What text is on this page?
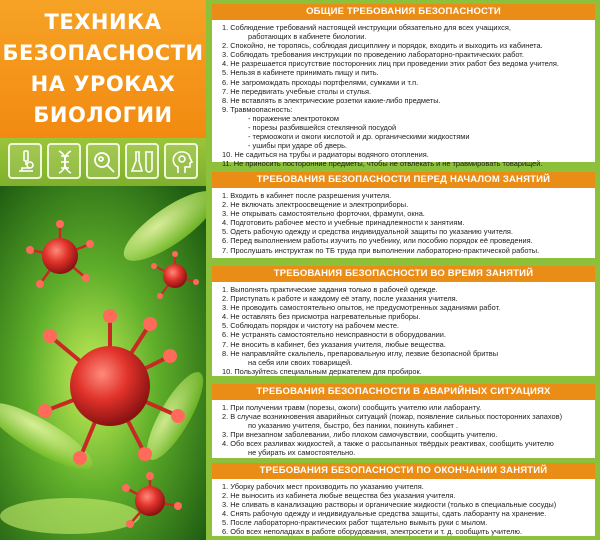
ТЕХНИКА
БЕЗОПАСНОСТИ
НА УРОКАХ
БИОЛОГИИ
ОБЩИЕ ТРЕБОВАНИЯ БЕЗОПАСНОСТИ
1. Соблюдение требований настоящей инструкции обязательно для всех учащихся,
работающих в кабинете биологии.
2. Спокойно, не торопясь, соблюдая дисциплину и порядок, входить и выходить из кабинета.
3. Соблюдать требования инструкции по проведению лабораторно-практических работ.
4. Не разрешается присутствие посторонних лиц при проведении этих работ без ведома учителя.
5. Нельзя в кабинете принимать пищу и пить.
6. Не загромождать проходы портфелями, сумками и т.п.
7. Не передвигать учебные столы и стулья.
8. Не вставлять в электрические розетки какие-либо предметы.
9. Травмоопасность:
- поражение электротоком
- порезы разбившейся стеклянной посудой
- термоожоги и ожоги кислотой и др. органическими жидкостями
- ушибы при ударе об дверь.
10. Не садиться на трубы и радиаторы водяного отопления.
11. Не приносить посторонние предметы, чтобы не отвлекать и не травмировать товарищей.
ТРЕБОВАНИЯ БЕЗОПАСНОСТИ ПЕРЕД НАЧАЛОМ ЗАНЯТИЙ
1. Входить в кабинет после разрешения учителя.
2. Не включать электроосвещение и электроприборы.
3. Не открывать самостоятельно форточки, фрамуги, окна.
4. Подготовить рабочее место и учебные принадлежности к занятиям.
5. Одеть рабочую одежду и средства индивидуальной защиты по указанию учителя.
6. Перед выполнением работы изучить по учебнику, или пособию порядок её проведения.
7. Прослушать инструктаж по ТБ труда при выполнении лабораторно-практической работы.
ТРЕБОВАНИЯ БЕЗОПАСНОСТИ ВО ВРЕМЯ ЗАНЯТИЙ
1. Выполнять практические задания только в рабочей одежде.
2. Приступать к работе и каждому её этапу, после указания учителя.
3. Не проводить самостоятельно опытов, не предусмотренных заданиями работ.
4. Не оставлять без присмотра нагревательные приборы.
5. Соблюдать порядок и чистоту на рабочем месте.
6. Не устранять самостоятельно неисправности в оборудовании.
7. Не вносить в кабинет, без указания учителя, любые вещества.
8. Не направляйте скальпель, препаровальную иглу, лезвие безопасной бритвы
на себя или своих товарищей.
10. Пользуйтесь специальным держателем для пробирок.
ТРЕБОВАНИЯ БЕЗОПАСНОСТИ В АВАРИЙНЫХ СИТУАЦИЯХ
1. При получении травм (порезы, ожоги) сообщить учителю или лаборанту.
2. В случае возникновения аварийных ситуаций (пожар, появление сильных посторонних запахов)
по указанию учителя, быстро, без паники, покинуть кабинет .
3. При внезапном заболевании, либо плохом самочувствии, сообщить учителю.
4. Обо всех разливах жидкостей, а также о рассыпанных твёрдых реактивах, сообщить учителю
не убирать их самостоятельно.
ТРЕБОВАНИЯ БЕЗОПАСНОСТИ ПО ОКОНЧАНИИ ЗАНЯТИЙ
1. Уборку рабочих мест производить по указанию учителя.
2. Не выносить из кабинета любые вещества без указания учителя.
3. Не сливать в канализацию растворы и органические жидкости (только в специальные сосуды)
4. Снять рабочую одежду и индивидуальные средства защиты, сдать лаборанту на хранение.
5. После лабораторно-практических работ тщательно вымыть руки с мылом.
6. Обо всех неполадках в работе оборудования, электросети и т. д. сообщить учителю.
